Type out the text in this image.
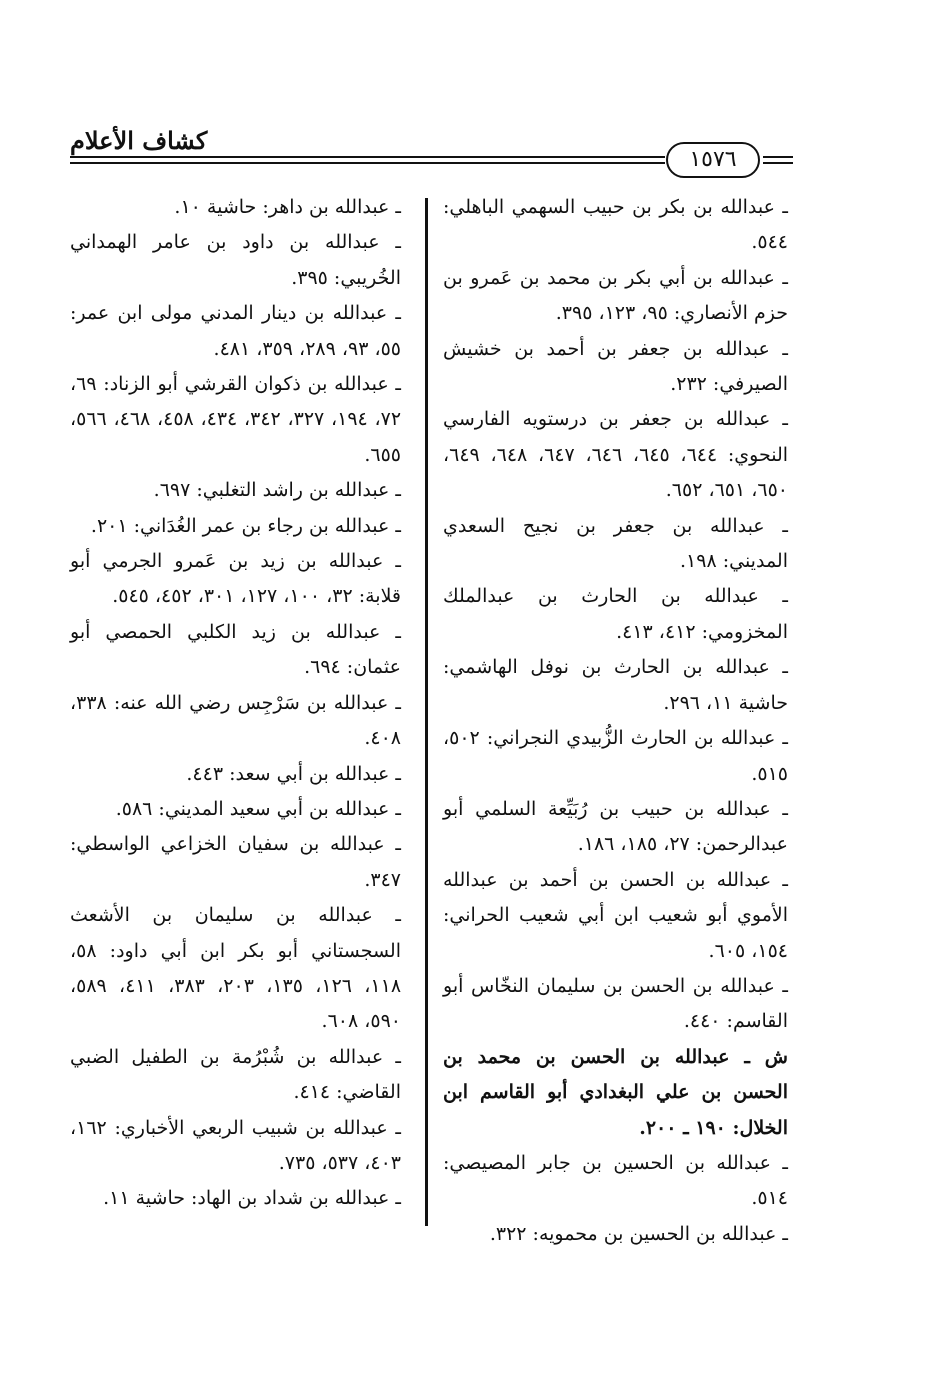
كشاف الأعلام
١٥٧٦

ـ عبدالله بن بكر بن حبيب السهمي الباهلي: ٥٤٤.

ـ عبدالله بن أبي بكر بن محمد بن عَمرو بن حزم الأنصاري: ٩٥، ١٢٣، ٣٩٥.

ـ عبدالله بن جعفر بن أحمد بن خشيش الصيرفي: ٢٣٢.

ـ عبدالله بن جعفر بن درستويه الفارسي النحوي: ٦٤٤، ٦٤٥، ٦٤٦، ٦٤٧، ٦٤٨، ٦٤٩، ٦٥٠، ٦٥١، ٦٥٢.

ـ عبدالله بن جعفر بن نجيح السعدي المديني: ١٩٨.

ـ عبدالله بن الحارث بن عبدالملك المخزومي: ٤١٢، ٤١٣.

ـ عبدالله بن الحارث بن نوفل الهاشمي: حاشية ١١، ٢٩٦.

ـ عبدالله بن الحارث الزُّبيدي النجراني: ٥٠٢، ٥١٥.

ـ عبدالله بن حبيب بن رُبَيِّعة السلمي أبو عبدالرحمن: ٢٧، ١٨٥، ١٨٦.

ـ عبدالله بن الحسن بن أحمد بن عبدالله الأموي أبو شعيب ابن أبي شعيب الحراني: ١٥٤، ٦٠٥.

ـ عبدالله بن الحسن بن سليمان النخّاس أبو القاسم: ٤٤٠.

ش ـ عبدالله بن الحسن بن محمد بن الحسن بن علي البغدادي أبو القاسم ابن الخلال: ١٩٠ ـ ٢٠٠.

ـ عبدالله بن الحسين بن جابر المصيصي: ٥١٤.

ـ عبدالله بن الحسين بن محمويه: ٣٢٢.

ـ عبدالله بن داهر: حاشية ١٠.

ـ عبدالله بن داود بن عامر الهمداني الخُريبي: ٣٩٥.

ـ عبدالله بن دينار المدني مولى ابن عمر: ٥٥، ٩٣، ٢٨٩، ٣٥٩، ٤٨١.

ـ عبدالله بن ذكوان القرشي أبو الزناد: ٦٩، ٧٢، ١٩٤، ٣٢٧، ٣٤٢، ٤٣٤، ٤٥٨، ٤٦٨، ٥٦٦، ٦٥٥.

ـ عبدالله بن راشد التغلبي: ٦٩٧.

ـ عبدالله بن رجاء بن عمر الغُدَاني: ٢٠١.

ـ عبدالله بن زيد بن عَمرو الجرمي أبو قلابة: ٣٢، ١٠٠، ١٢٧، ٣٠١، ٤٥٢، ٥٤٥.

ـ عبدالله بن زيد الكلبي الحمصي أبو عثمان: ٦٩٤.

ـ عبدالله بن سَرْجِس رضي الله عنه: ٣٣٨، ٤٠٨.

ـ عبدالله بن أبي سعد: ٤٤٣.

ـ عبدالله بن أبي سعيد المديني: ٥٨٦.

ـ عبدالله بن سفيان الخزاعي الواسطي: ٣٤٧.

ـ عبدالله بن سليمان بن الأشعث السجستاني أبو بكر ابن أبي داود: ٥٨، ١١٨، ١٢٦، ١٣٥، ٢٠٣، ٣٨٣، ٤١١، ٥٨٩، ٥٩٠، ٦٠٨.

ـ عبدالله بن شُبْرُمة بن الطفيل الضبي القاضي: ٤١٤.

ـ عبدالله بن شبيب الربعي الأخباري: ١٦٢، ٤٠٣، ٥٣٧، ٧٣٥.

ـ عبدالله بن شداد بن الهاد: حاشية ١١.
